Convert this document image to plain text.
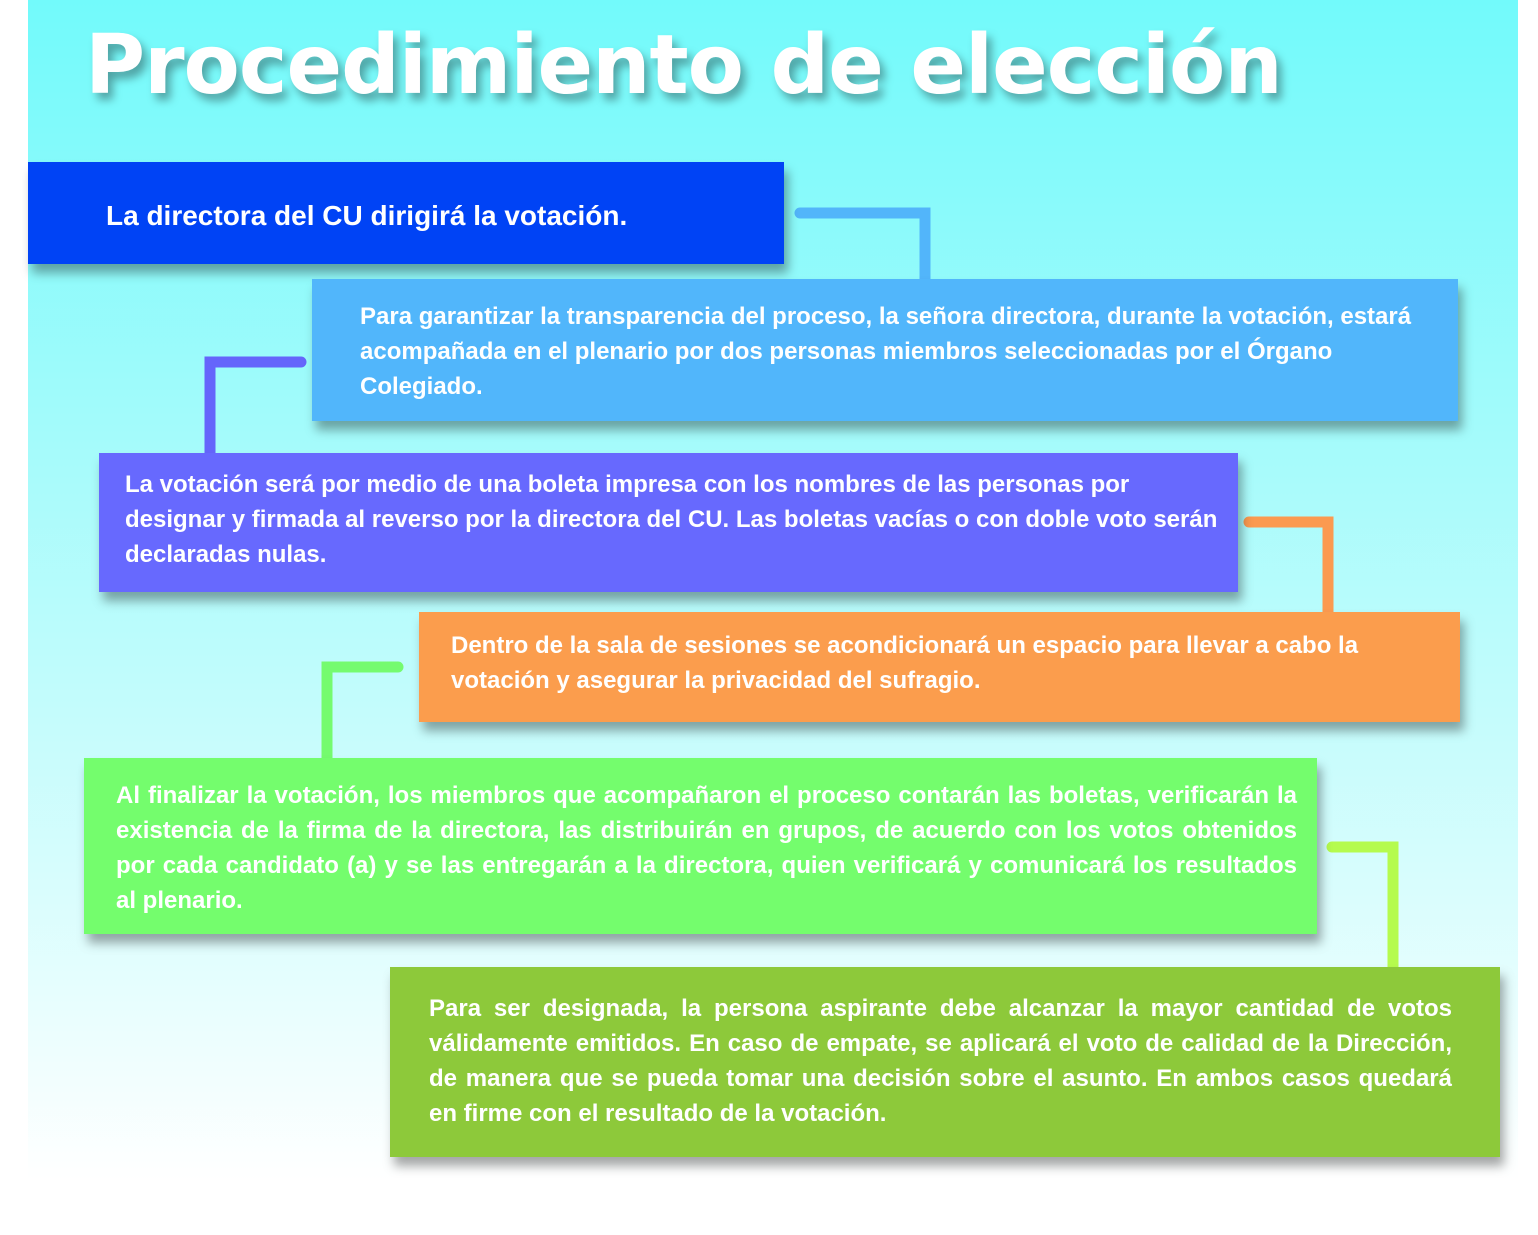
Procedimiento de elección

La directora del CU dirigirá la votación.

Para garantizar la transparencia del proceso, la señora directora, durante la votación, estará acompañada en el plenario por dos personas miembros seleccionadas por el Órgano Colegiado.

La votación será por medio de una boleta impresa con los nombres de las personas por designar y firmada al reverso por la directora del CU. Las boletas vacías o con doble voto serán declaradas nulas.

Dentro de la sala de sesiones se acondicionará un espacio para llevar a cabo la votación y asegurar la privacidad del sufragio.

Al finalizar la votación, los miembros que acompañaron el proceso contarán las boletas, verificarán la existencia de la firma de la directora, las distribuirán en grupos, de acuerdo con los votos obtenidos por cada candidato (a) y se las entregarán a la directora, quien verificará y comunicará los resultados al plenario.

Para ser designada, la persona aspirante debe alcanzar la mayor cantidad de votos válidamente emitidos. En caso de empate, se aplicará el voto de calidad de la Dirección, de manera que se pueda tomar una decisión sobre el asunto. En ambos casos quedará en firme con el resultado de la votación.
